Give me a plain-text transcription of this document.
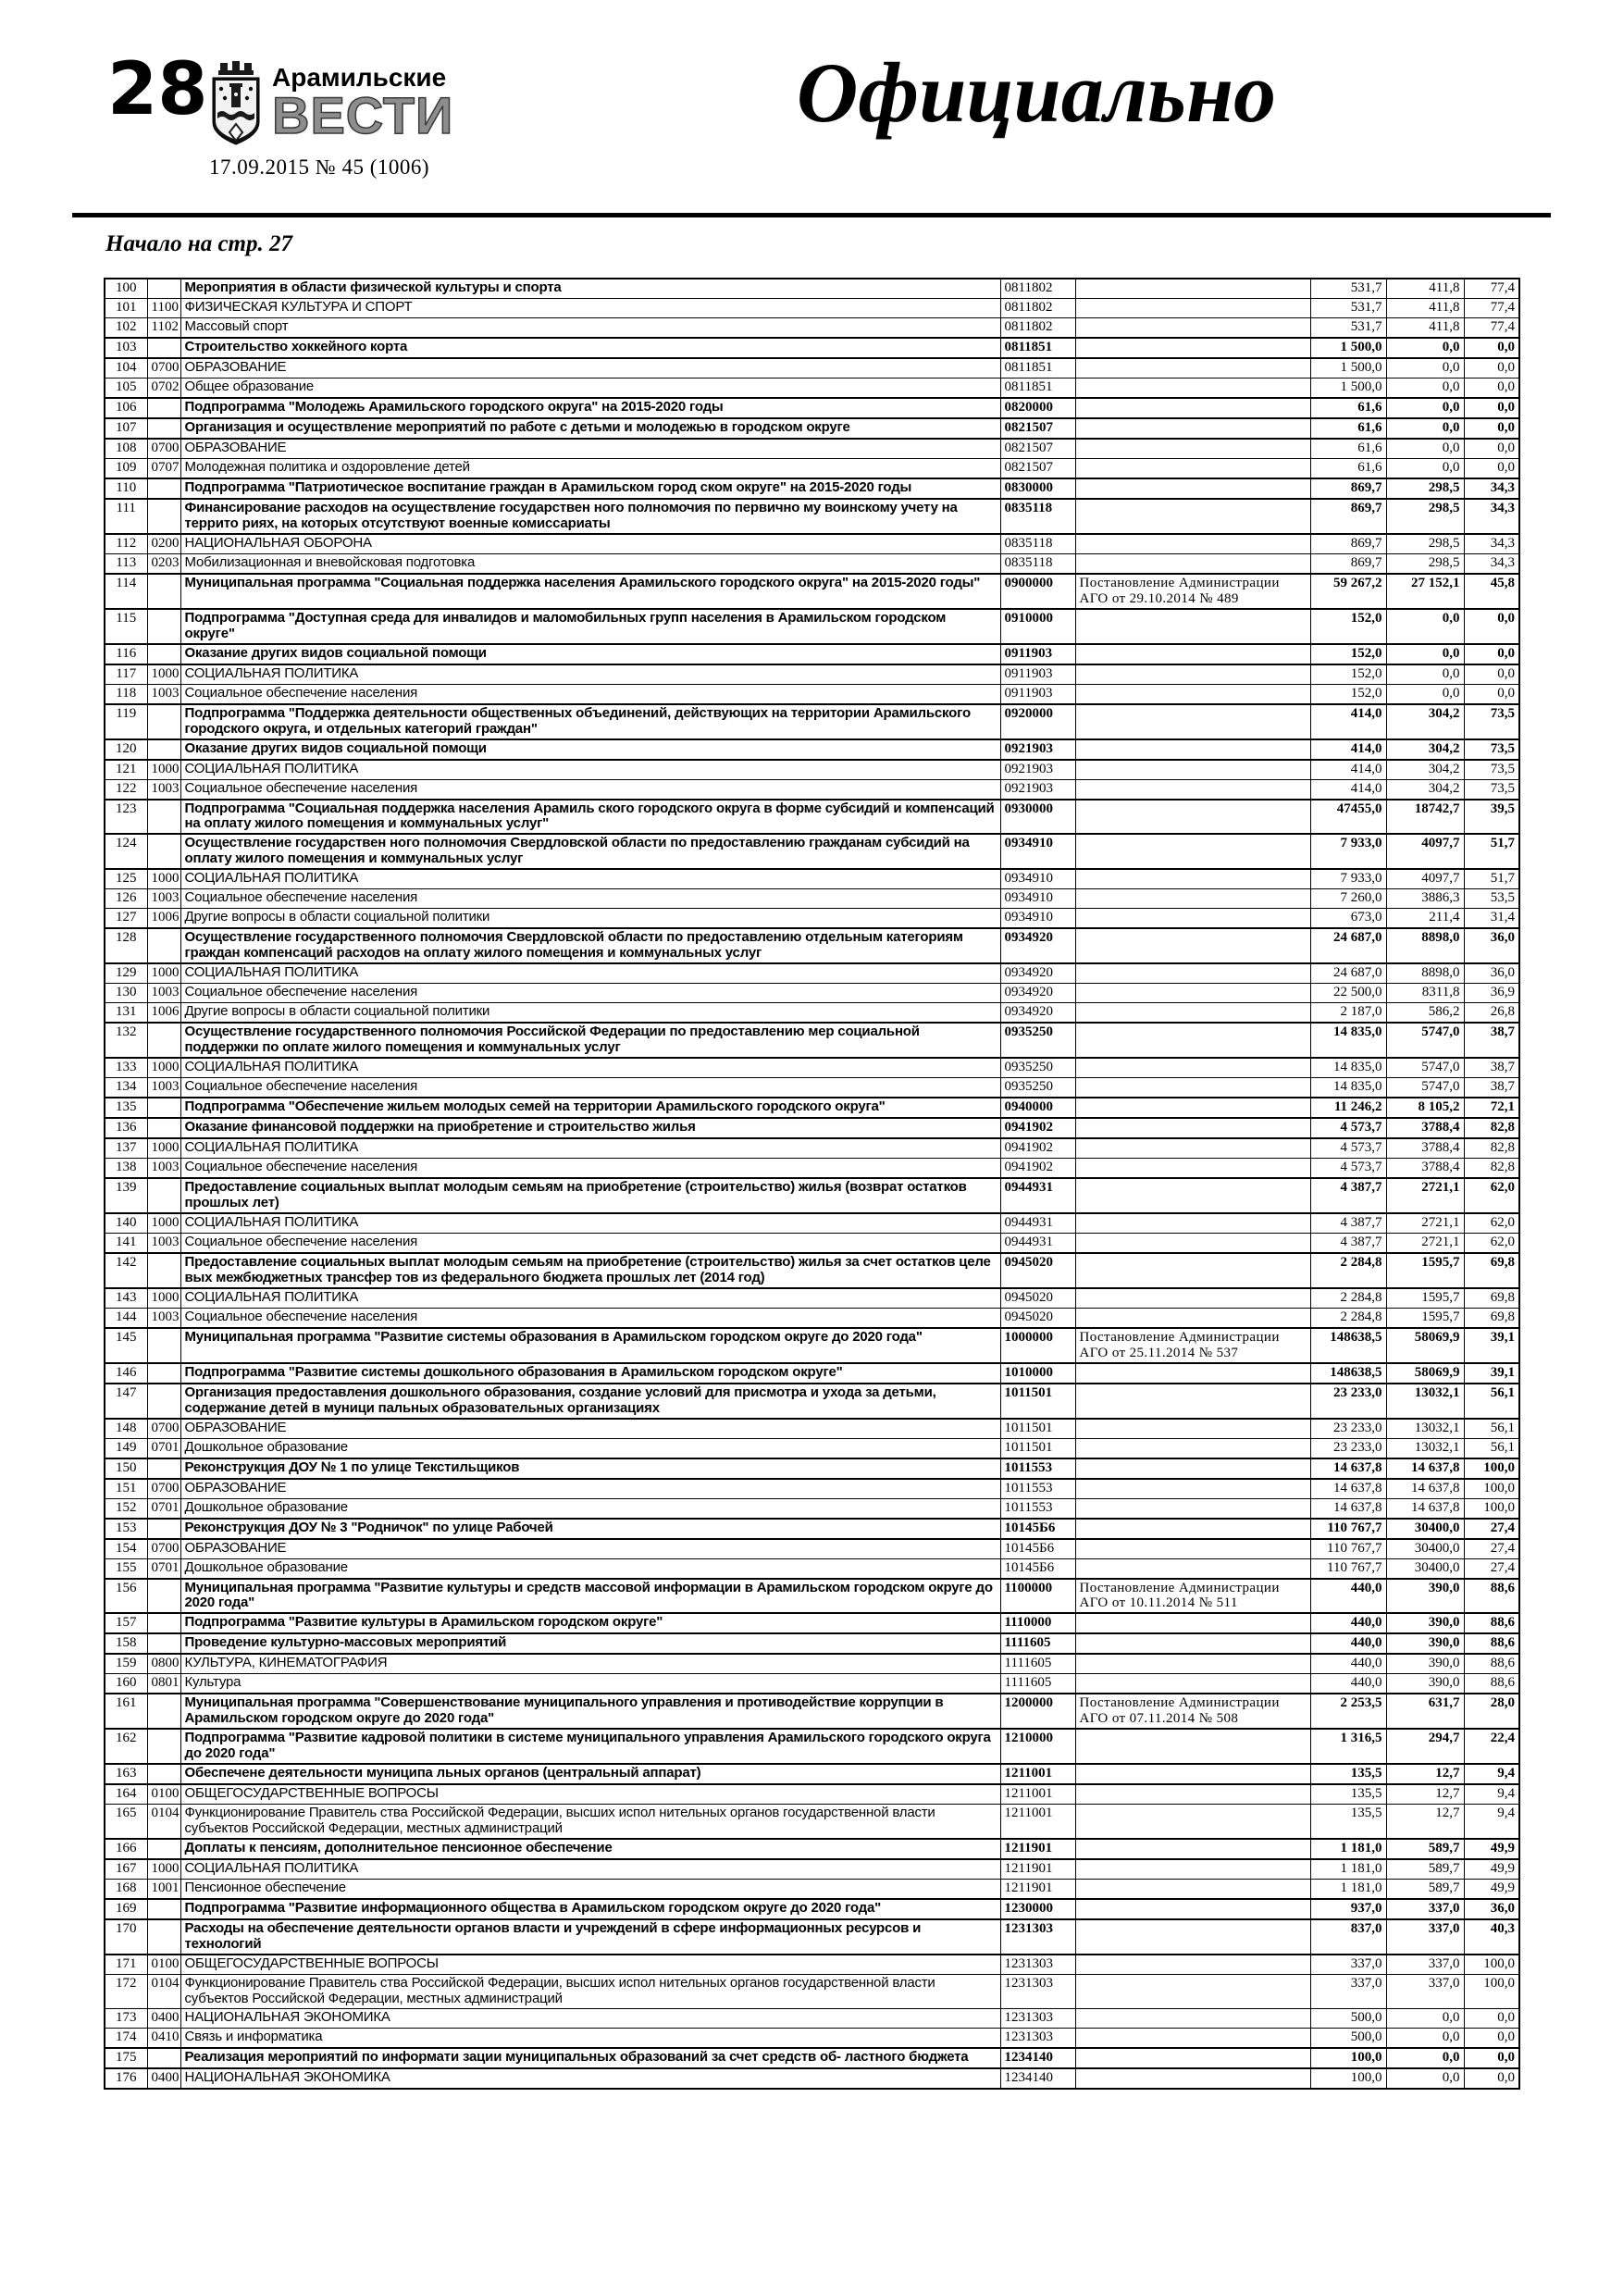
28 Арамильские
ВЕСТИ
17.09.2015 № 45 (1006)
Официально
Начало на стр. 27
100		Мероприятия в области физической культуры и спорта	0811802		531,7	411,8	77,4
101	1100	ФИЗИЧЕСКАЯ КУЛЬТУРА И СПОРТ	0811802		531,7	411,8	77,4
102	1102	Массовый спорт	0811802		531,7	411,8	77,4
103		Строительство хоккейного корта	0811851		1 500,0	0,0	0,0
104	0700	ОБРАЗОВАНИЕ	0811851		1 500,0	0,0	0,0
105	0702	Общее образование	0811851		1 500,0	0,0	0,0
106		Подпрограмма "Молодежь Арамильского городского округа" на 2015-2020 годы	0820000		61,6	0,0	0,0
107		Организация и осуществление мероприятий по работе с детьми и молодежью в городском округе	0821507		61,6	0,0	0,0
108	0700	ОБРАЗОВАНИЕ	0821507		61,6	0,0	0,0
109	0707	Молодежная политика и оздоровление детей	0821507		61,6	0,0	0,0
110		Подпрограмма "Патриотическое воспитание граждан в Арамильском город ском округе" на 2015-2020 годы	0830000		869,7	298,5	34,3
111		Финансирование расходов на осуществление государствен ного полномочия по первично му воинскому учету на террито риях, на которых отсутствуют военные комиссариаты	0835118		869,7	298,5	34,3
112	0200	НАЦИОНАЛЬНАЯ ОБОРОНА	0835118		869,7	298,5	34,3
113	0203	Мобилизационная и вневойсковая подготовка	0835118		869,7	298,5	34,3
114		Муниципальная программа "Социальная поддержка населения Арамильского городского округа" на 2015-2020 годы"	0900000	Постановление Администрации АГО от 29.10.2014 № 489	59 267,2	27 152,1	45,8
115		Подпрограмма "Доступная среда для инвалидов и маломобильных групп населения в Арамильском городском округе"	0910000		152,0	0,0	0,0
116		Оказание других видов социальной помощи	0911903		152,0	0,0	0,0
117	1000	СОЦИАЛЬНАЯ ПОЛИТИКА	0911903		152,0	0,0	0,0
118	1003	Социальное обеспечение населения	0911903		152,0	0,0	0,0
119		Подпрограмма "Поддержка деятельности общественных объединений, действующих на территории Арамильского городского округа, и отдельных категорий граждан"	0920000		414,0	304,2	73,5
120		Оказание других видов социальной помощи	0921903		414,0	304,2	73,5
121	1000	СОЦИАЛЬНАЯ ПОЛИТИКА	0921903		414,0	304,2	73,5
122	1003	Социальное обеспечение населения	0921903		414,0	304,2	73,5
123		Подпрограмма "Социальная поддержка населения Арамиль ского городского округа в форме субсидий и компенсаций на оплату жилого помещения и коммунальных услуг"	0930000		47455,0	18742,7	39,5
124		Осуществление государствен ного полномочия Свердловской области по предоставлению гражданам субсидий на оплату жилого помещения и коммунальных услуг	0934910		7 933,0	4097,7	51,7
125	1000	СОЦИАЛЬНАЯ ПОЛИТИКА	0934910		7 933,0	4097,7	51,7
126	1003	Социальное обеспечение населения	0934910		7 260,0	3886,3	53,5
127	1006	Другие вопросы в области социальной политики	0934910		673,0	211,4	31,4
128		Осуществление государственного полномочия Свердловской области по предоставлению отдельным категориям граждан компенсаций расходов на оплату жилого помещения и коммунальных услуг	0934920		24 687,0	8898,0	36,0
129	1000	СОЦИАЛЬНАЯ ПОЛИТИКА	0934920		24 687,0	8898,0	36,0
130	1003	Социальное обеспечение населения	0934920		22 500,0	8311,8	36,9
131	1006	Другие вопросы в области социальной политики	0934920		2 187,0	586,2	26,8
132		Осуществление государственного полномочия Российской Федерации по предоставлению мер социальной поддержки по оплате жилого помещения и коммунальных услуг	0935250		14 835,0	5747,0	38,7
133	1000	СОЦИАЛЬНАЯ ПОЛИТИКА	0935250		14 835,0	5747,0	38,7
134	1003	Социальное обеспечение населения	0935250		14 835,0	5747,0	38,7
135		Подпрограмма "Обеспечение жильем молодых семей на территории Арамильского городского округа"	0940000		11 246,2	8 105,2	72,1
136		Оказание финансовой поддержки на приобретение и строительство жилья	0941902		4 573,7	3788,4	82,8
137	1000	СОЦИАЛЬНАЯ ПОЛИТИКА	0941902		4 573,7	3788,4	82,8
138	1003	Социальное обеспечение населения	0941902		4 573,7	3788,4	82,8
139		Предоставление социальных выплат молодым семьям на приобретение (строительство) жилья (возврат остатков прошлых лет)	0944931		4 387,7	2721,1	62,0
140	1000	СОЦИАЛЬНАЯ ПОЛИТИКА	0944931		4 387,7	2721,1	62,0
141	1003	Социальное обеспечение населения	0944931		4 387,7	2721,1	62,0
142		Предоставление социальных выплат молодым семьям на приобретение (строительство) жилья за счет остатков целе вых межбюджетных трансфер тов из федерального бюджета прошлых лет (2014 год)	0945020		2 284,8	1595,7	69,8
143	1000	СОЦИАЛЬНАЯ ПОЛИТИКА	0945020		2 284,8	1595,7	69,8
144	1003	Социальное обеспечение населения	0945020		2 284,8	1595,7	69,8
145		Муниципальная программа "Развитие системы образования в Арамильском городском округе до 2020 года"	1000000	Постановление Администрации АГО от 25.11.2014 № 537	148638,5	58069,9	39,1
146		Подпрограмма "Развитие системы дошкольного образования в Арамильском городском округе"	1010000		148638,5	58069,9	39,1
147		Организация предоставления дошкольного образования, создание условий для присмотра и ухода за детьми, содержание детей в муници пальных образовательных организациях	1011501		23 233,0	13032,1	56,1
148	0700	ОБРАЗОВАНИЕ	1011501		23 233,0	13032,1	56,1
149	0701	Дошкольное образование	1011501		23 233,0	13032,1	56,1
150		Реконструкция ДОУ № 1 по улице Текстильщиков	1011553		14 637,8	14 637,8	100,0
151	0700	ОБРАЗОВАНИЕ	1011553		14 637,8	14 637,8	100,0
152	0701	Дошкольное образование	1011553		14 637,8	14 637,8	100,0
153		Реконструкция ДОУ № 3 "Родничок" по улице Рабочей	10145Б6		110 767,7	30400,0	27,4
154	0700	ОБРАЗОВАНИЕ	10145Б6		110 767,7	30400,0	27,4
155	0701	Дошкольное образование	10145Б6		110 767,7	30400,0	27,4
156		Муниципальная программа "Развитие культуры и средств массовой информации в Арамильском городском округе до 2020 года"	1100000	Постановление Администрации АГО от 10.11.2014 № 511	440,0	390,0	88,6
157		Подпрограмма "Развитие культуры в Арамильском городском округе"	1110000		440,0	390,0	88,6
158		Проведение культурно-массовых мероприятий	1111605		440,0	390,0	88,6
159	0800	КУЛЬТУРА, КИНЕМАТОГРАФИЯ	1111605		440,0	390,0	88,6
160	0801	Культура	1111605		440,0	390,0	88,6
161		Муниципальная программа "Совершенствование муниципального управления и противодействие коррупции в Арамильском городском округе до 2020 года"	1200000	Постановление Администрации АГО от 07.11.2014 № 508	2 253,5	631,7	28,0
162		Подпрограмма "Развитие кадровой политики в системе муниципального управления Арамильского городского округа до 2020 года"	1210000		1 316,5	294,7	22,4
163		Обеспечене деятельности муниципа льных органов (центральный аппарат)	1211001		135,5	12,7	9,4
164	0100	ОБЩЕГОСУДАРСТВЕННЫЕ ВОПРОСЫ	1211001		135,5	12,7	9,4
165	0104	Функционирование Правитель ства Российской Федерации, высших испол нительных органов государственной власти субъектов Российской Федерации, местных администраций	1211001		135,5	12,7	9,4
166		Доплаты к пенсиям, дополнительное пенсионное обеспечение	1211901		1 181,0	589,7	49,9
167	1000	СОЦИАЛЬНАЯ ПОЛИТИКА	1211901		1 181,0	589,7	49,9
168	1001	Пенсионное обеспечение	1211901		1 181,0	589,7	49,9
169		Подпрограмма "Развитие информационного общества в Арамильском городском округе до 2020 года"	1230000		937,0	337,0	36,0
170		Расходы на обеспечение деятельности органов власти и учреждений в сфере информационных ресурсов и технологий	1231303		837,0	337,0	40,3
171	0100	ОБЩЕГОСУДАРСТВЕННЫЕ ВОПРОСЫ	1231303		337,0	337,0	100,0
172	0104	Функционирование Правитель ства Российской Федерации, высших испол нительных органов государственной власти субъектов Российской Федерации, местных администраций	1231303		337,0	337,0	100,0
173	0400	НАЦИОНАЛЬНАЯ ЭКОНОМИКА	1231303		500,0	0,0	0,0
174	0410	Связь и информатика	1231303		500,0	0,0	0,0
175		Реализация мероприятий по информати зации муниципальных образований за счет средств об- ластного бюджета	1234140		100,0	0,0	0,0
176	0400	НАЦИОНАЛЬНАЯ ЭКОНОМИКА	1234140		100,0	0,0	0,0
